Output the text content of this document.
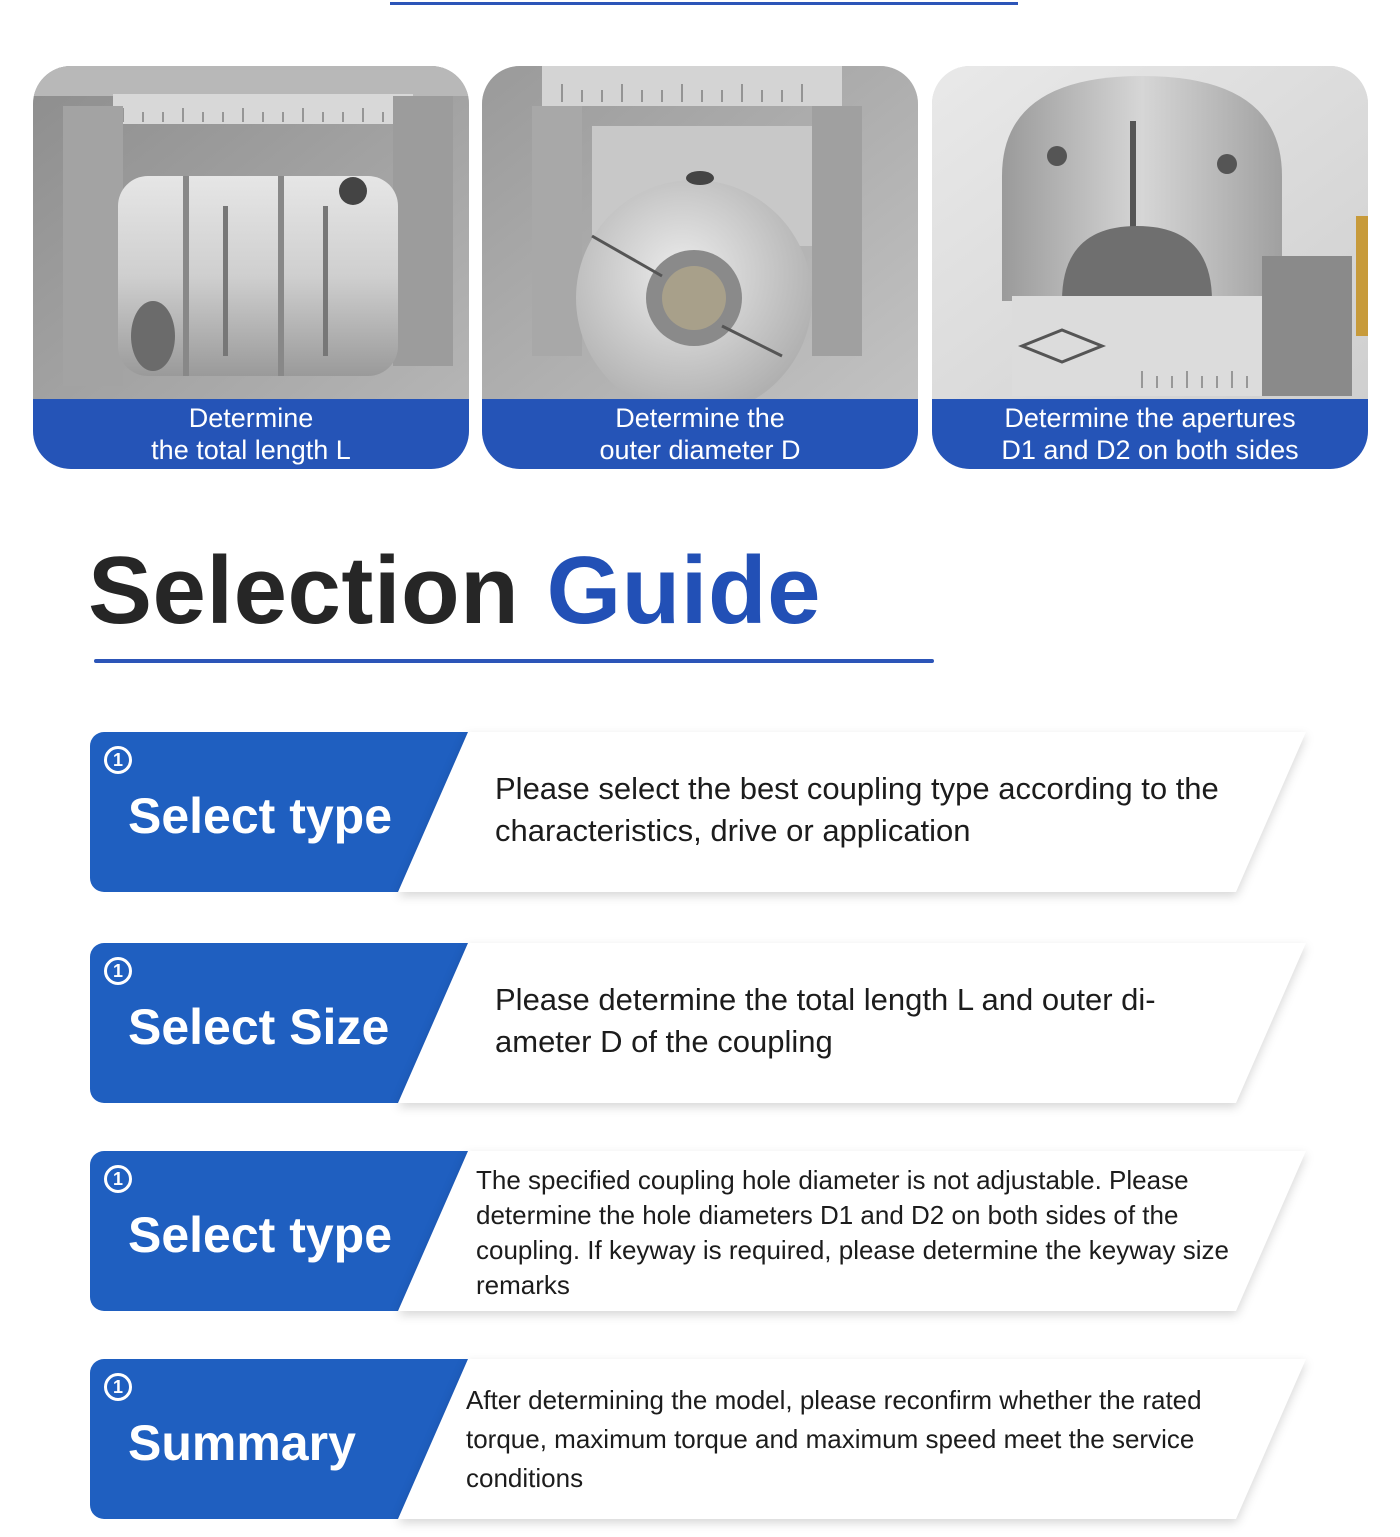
Determine
the total length L
Determine the
outer diameter D
Determine the apertures
D1 and D2 on both sides
Selection Guide
1
Select type	Please select the best coupling type according to the characteristics, drive or application
1
Select Size	Please determine the total length L and outer di-ameter D of the coupling
1
Select type
The specified coupling hole diameter is not adjustable. Please determine the hole diameters D1 and D2 on both sides of the coupling. If keyway is required, please determine the keyway size remarks
1
Summary
After determining the model, please reconfirm whether the rated torque, maximum torque and maximum speed meet the service conditions
